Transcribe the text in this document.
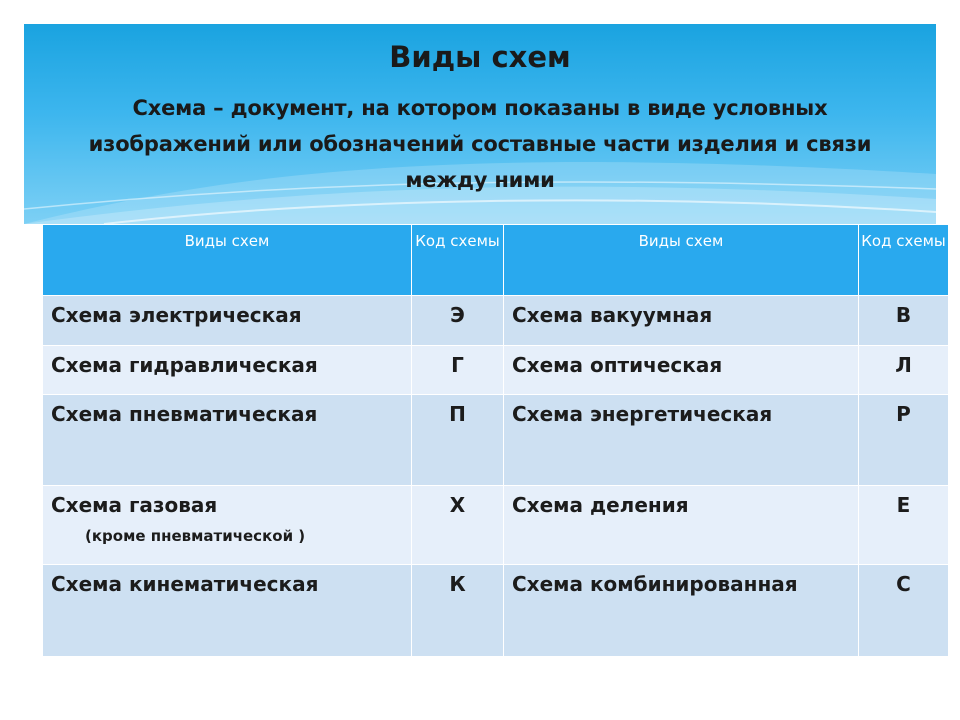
Виды схем
Схема – документ, на котором показаны в виде условных изображений или обозначений составные части изделия и связи между ними
Виды схем	Код схемы	Виды схем	Код схемы
Схема электрическая	Э	Схема вакуумная	В
Схема гидравлическая	Г	Схема оптическая	Л
Схема пневматическая	П	Схема энергетическая	Р
Схема газовая
(кроме пневматической )	Х	Схема деления	Е
Схема кинематическая	К	Схема комбинированная	С
